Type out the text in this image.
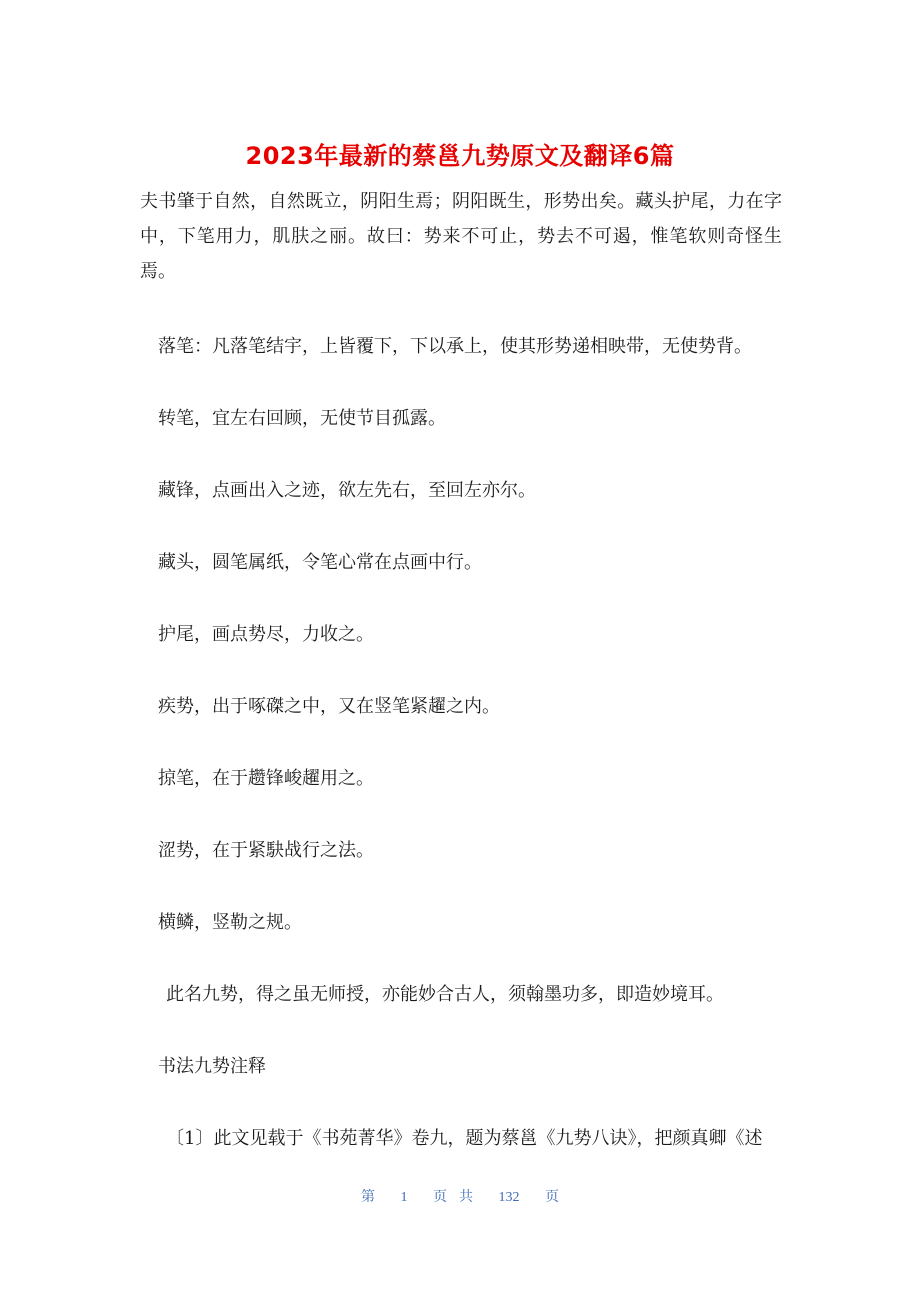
2023年最新的蔡邕九势原文及翻译6篇
夫书肇于自然，自然既立，阴阳生焉；阴阳既生，形势出矣。藏头护尾，力在字中，下笔用力，肌肤之丽。故曰：势来不可止，势去不可遏，惟笔软则奇怪生焉。
落笔：凡落笔结宇，上皆覆下，下以承上，使其形势递相映带，无使势背。
转笔，宜左右回顾，无使节目孤露。
藏锋，点画出入之迹，欲左先右，至回左亦尔。
藏头，圆笔属纸，令笔心常在点画中行。
护尾，画点势尽，力收之。
疾势，出于啄磔之中，又在竖笔紧趯之内。
掠笔，在于趱锋峻趯用之。
涩势，在于紧駃战行之法。
横鳞，竖勒之规。
此名九势，得之虽无师授，亦能妙合古人，须翰墨功多，即造妙境耳。
书法九势注释
〔1〕此文见载于《书苑菁华》卷九，题为蔡邕《九势八诀》，把颜真卿《述
第 1 页 共 132 页
